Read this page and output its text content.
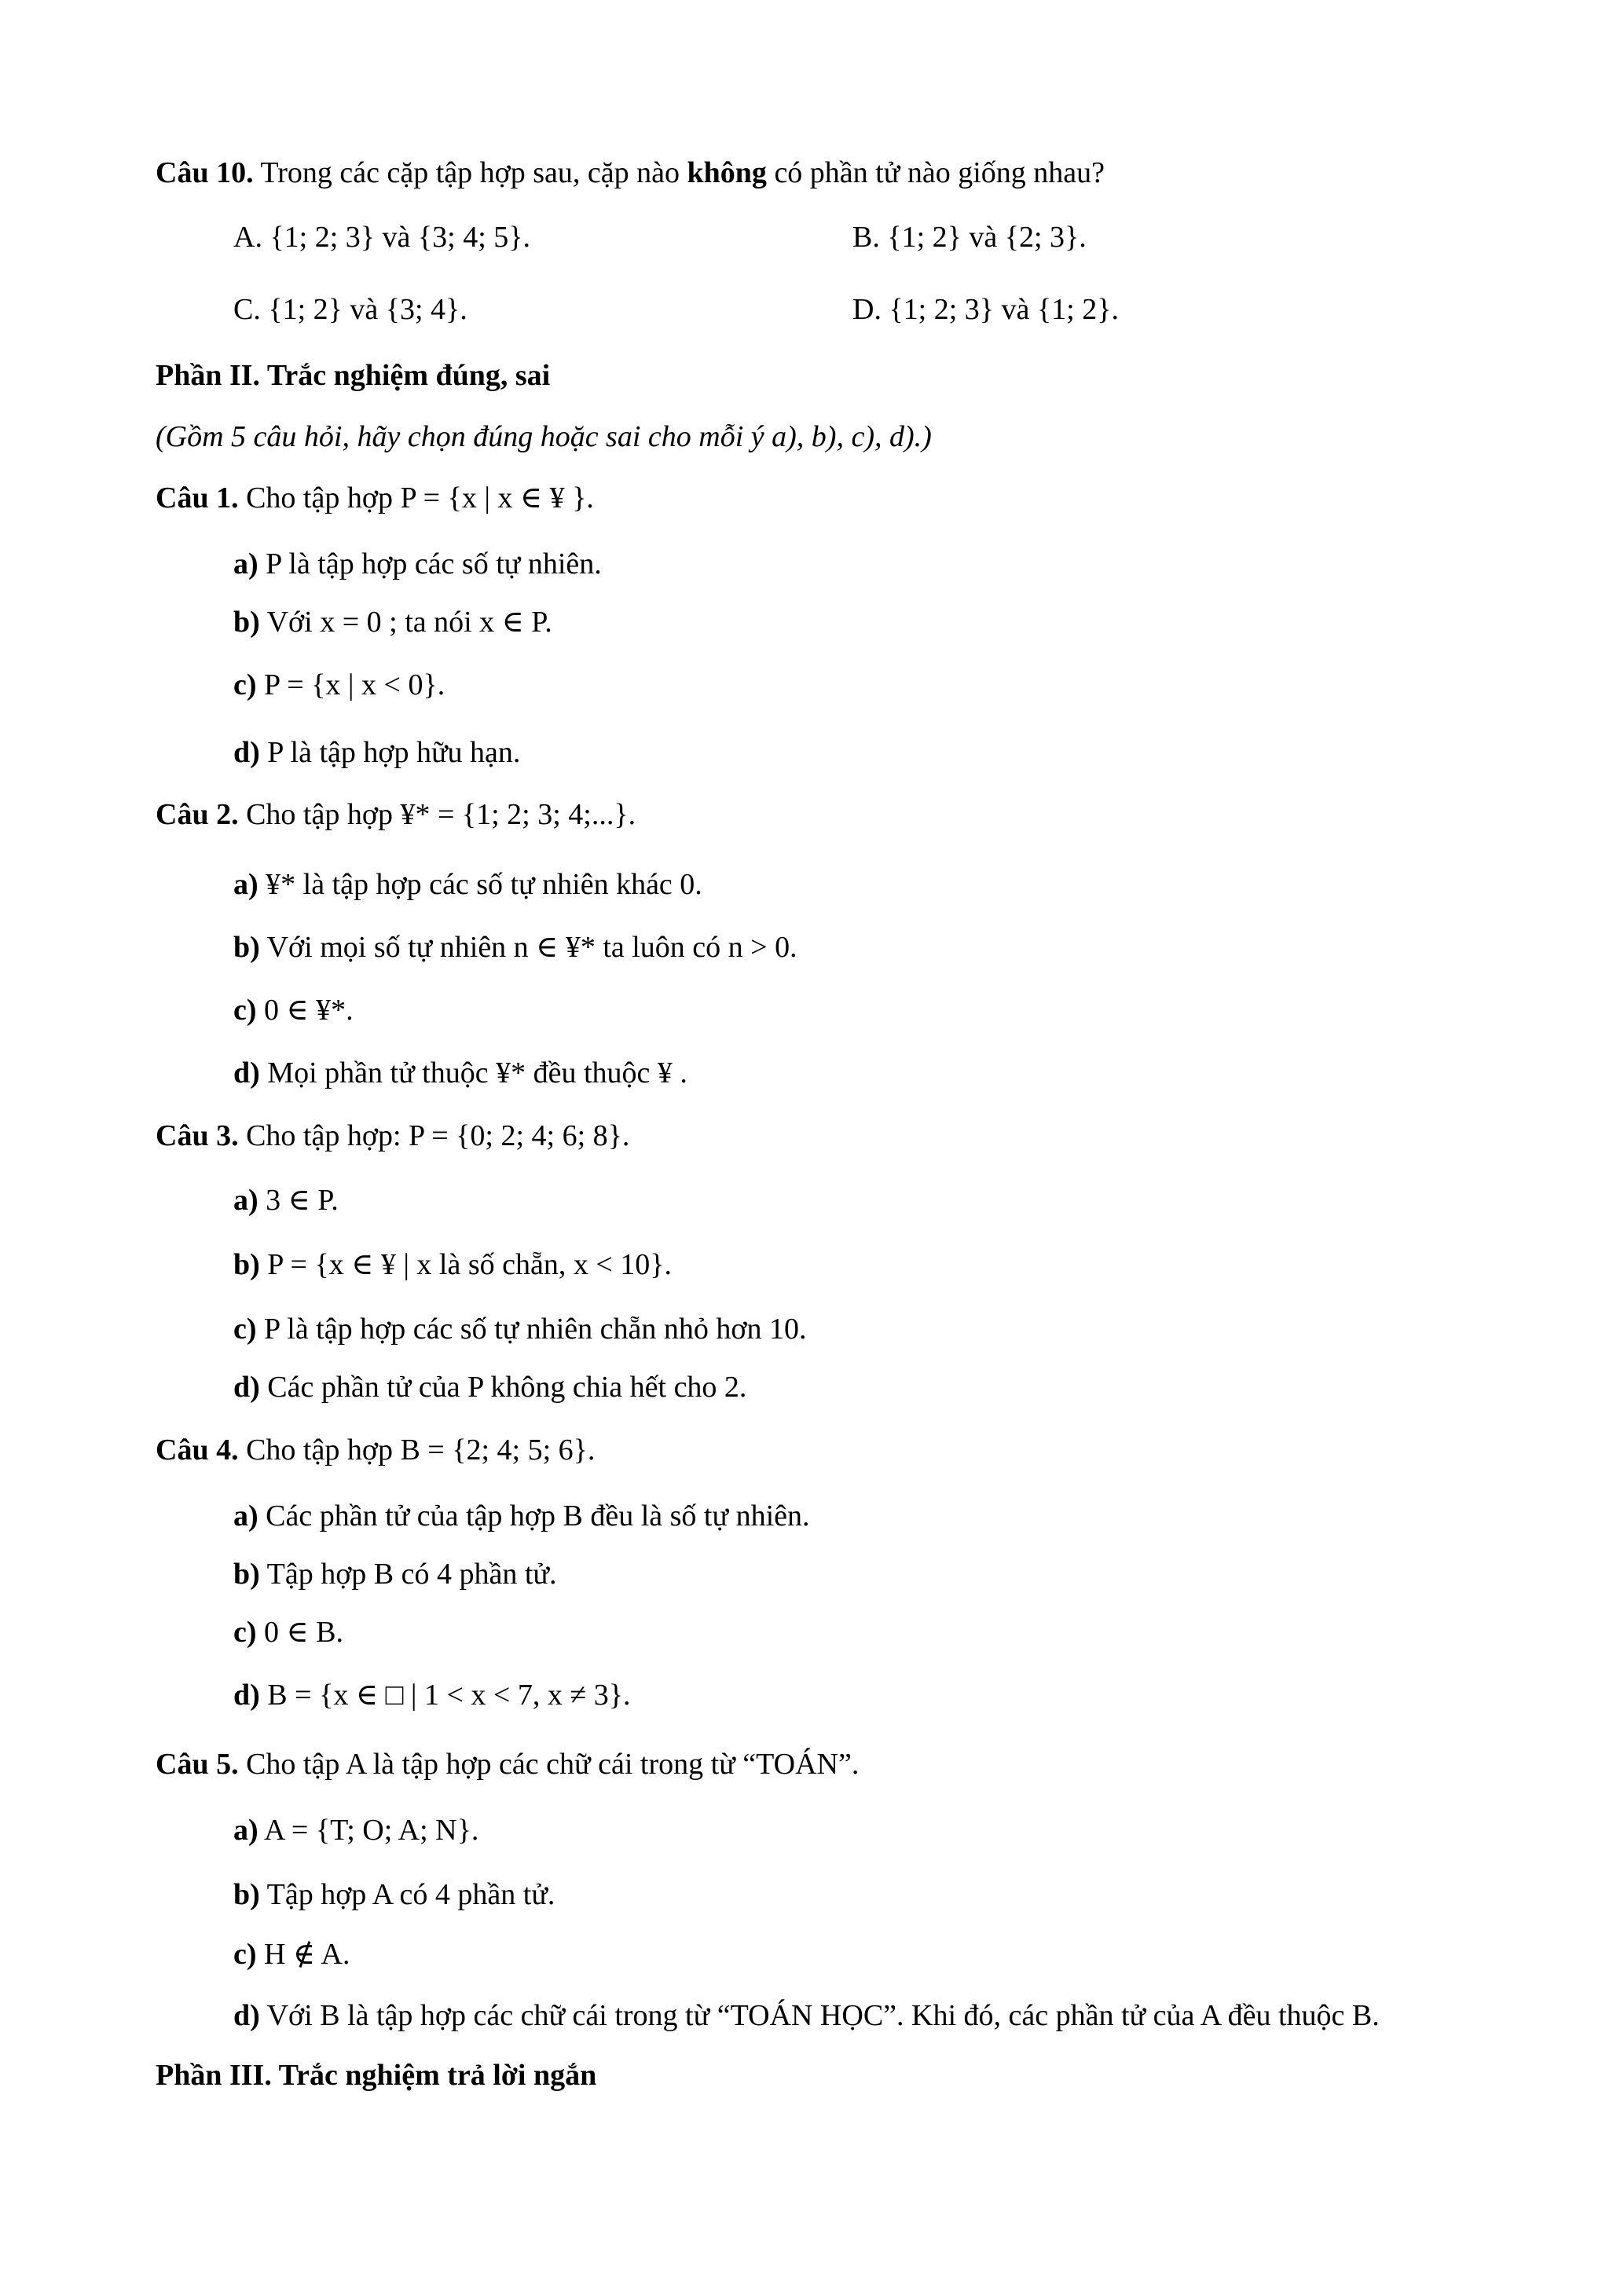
Câu 10. Trong các cặp tập hợp sau, cặp nào không có phần tử nào giống nhau?
A. {1; 2; 3} và {3; 4; 5}.	B. {1; 2} và {2; 3}.
C. {1; 2} và {3; 4}.	D. {1; 2; 3} và {1; 2}.
Phần II. Trắc nghiệm đúng, sai
(Gồm 5 câu hỏi, hãy chọn đúng hoặc sai cho mỗi ý a), b), c), d).)
Câu 1. Cho tập hợp P = {x | x ∈ ¥ }.
a) P là tập hợp các số tự nhiên.
b) Với x = 0 ; ta nói x ∈ P.
c) P = {x | x < 0}.
d) P là tập hợp hữu hạn.
Câu 2. Cho tập hợp ¥* = {1; 2; 3; 4;...}.
a) ¥* là tập hợp các số tự nhiên khác 0.
b) Với mọi số tự nhiên n ∈ ¥* ta luôn có n > 0.
c) 0 ∈ ¥*.
d) Mọi phần tử thuộc ¥* đều thuộc ¥ .
Câu 3. Cho tập hợp: P = {0; 2; 4; 6; 8}.
a) 3 ∈ P.
b) P = {x ∈ ¥ | x là số chẵn, x < 10}.
c) P là tập hợp các số tự nhiên chẵn nhỏ hơn 10.
d) Các phần tử của P không chia hết cho 2.
Câu 4. Cho tập hợp B = {2; 4; 5; 6}.
a) Các phần tử của tập hợp B đều là số tự nhiên.
b) Tập hợp B có 4 phần tử.
c) 0 ∈ B.
d) B = {x ∈ □ | 1 < x < 7, x ≠ 3}.
Câu 5. Cho tập A là tập hợp các chữ cái trong từ “TOÁN”.
a) A = {T; O; A; N}.
b) Tập hợp A có 4 phần tử.
c) H ∉ A.
d) Với B là tập hợp các chữ cái trong từ “TOÁN HỌC”. Khi đó, các phần tử của A đều thuộc B.
Phần III. Trắc nghiệm trả lời ngắn
